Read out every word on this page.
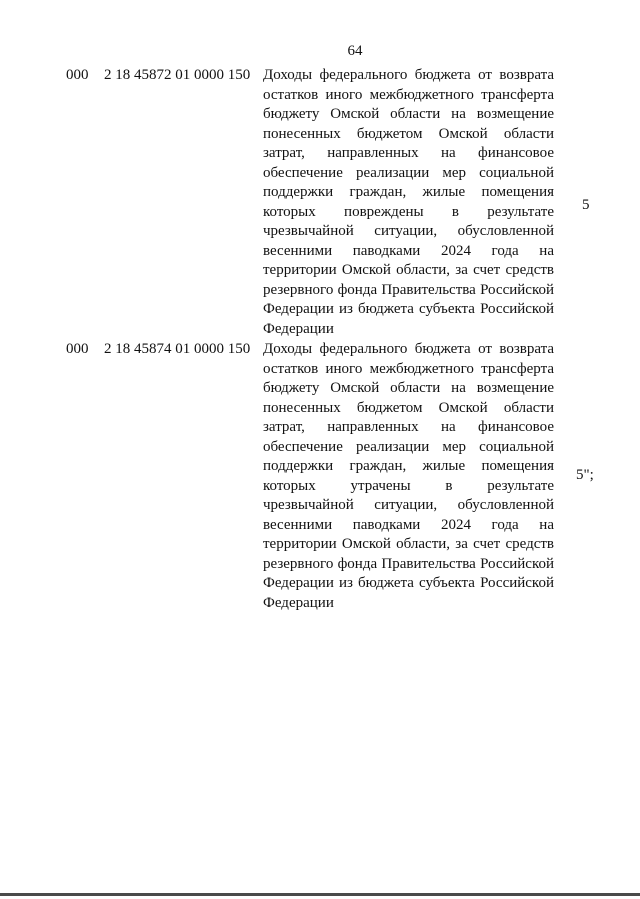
64
000 2 18 45872 01 0000 150 Доходы федерального бюджета от возврата остатков иного межбюджетного трансферта бюджету Омской области на возмещение понесенных бюджетом Омской области затрат, направленных на финансовое обеспечение реализации мер социальной поддержки граждан, жилые помещения которых повреждены в результате чрезвычайной ситуации, обусловленной весенними паводками 2024 года на территории Омской области, за счет средств резервного фонда Правительства Российской Федерации из бюджета субъекта Российской Федерации

5
000 2 18 45874 01 0000 150 Доходы федерального бюджета от возврата остатков иного межбюджетного трансферта бюджету Омской области на возмещение понесенных бюджетом Омской области затрат, направленных на финансовое обеспечение реализации мер социальной поддержки граждан, жилые помещения которых утрачены в результате чрезвычайной ситуации, обусловленной весенними паводками 2024 года на территории Омской области, за счет средств резервного фонда Правительства Российской Федерации из бюджета субъекта Российской Федерации

5";
